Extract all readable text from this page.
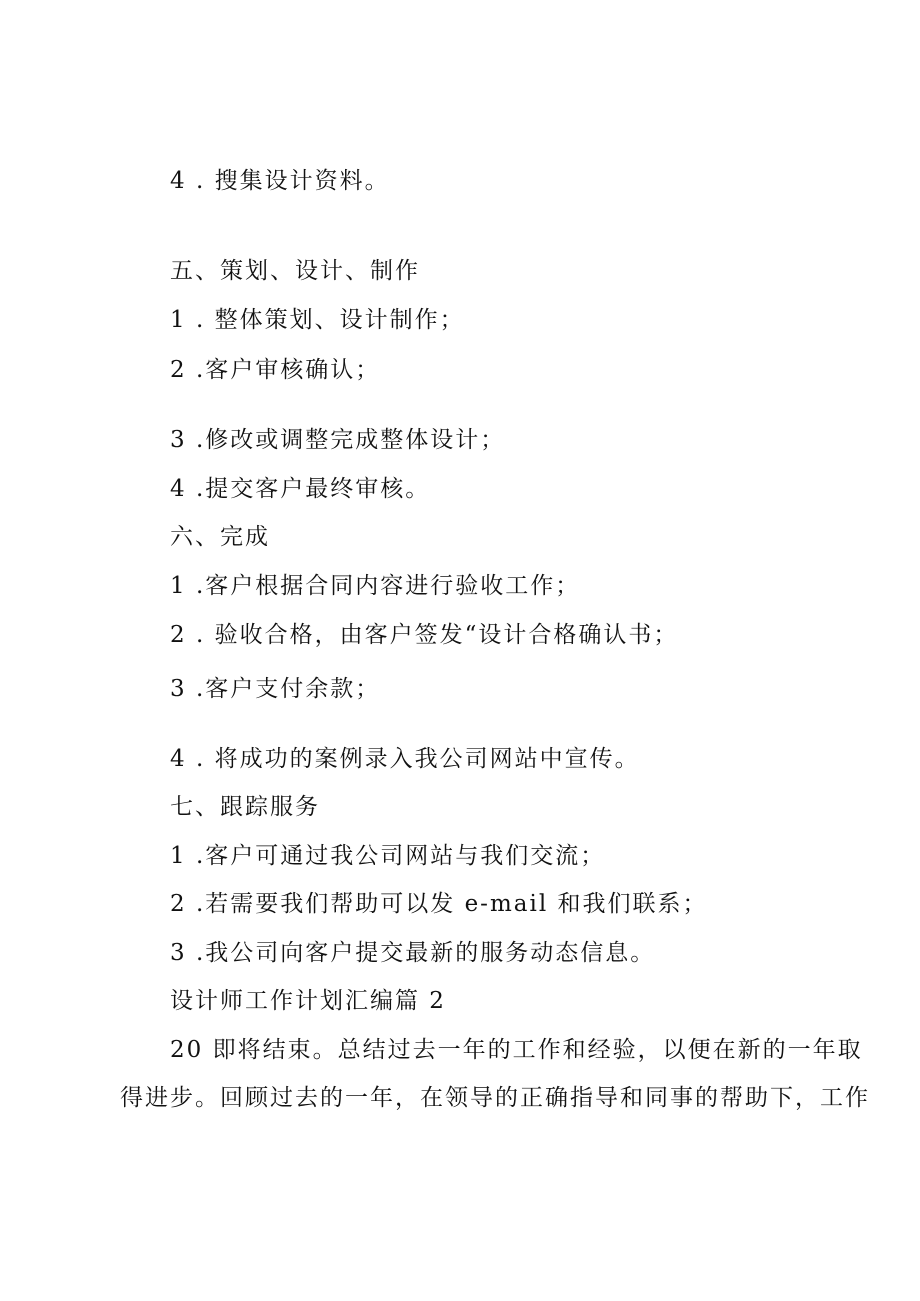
4 . 搜集设计资料。
五、策划、设计、制作
1 . 整体策划、设计制作；
2 .客户审核确认；
3 .修改或调整完成整体设计；
4 .提交客户最终审核。
六、完成
1 .客户根据合同内容进行验收工作；
2 . 验收合格，由客户签发“设计合格确认书；
3 .客户支付余款；
4 . 将成功的案例录入我公司网站中宣传。
七、跟踪服务
1 .客户可通过我公司网站与我们交流；
2 .若需要我们帮助可以发 e-mail 和我们联系；
3 .我公司向客户提交最新的服务动态信息。
设计师工作计划汇编篇 2
20 即将结束。总结过去一年的工作和经验，以便在新的一年取
得进步。回顾过去的一年，在领导的正确指导和同事的帮助下，工作
